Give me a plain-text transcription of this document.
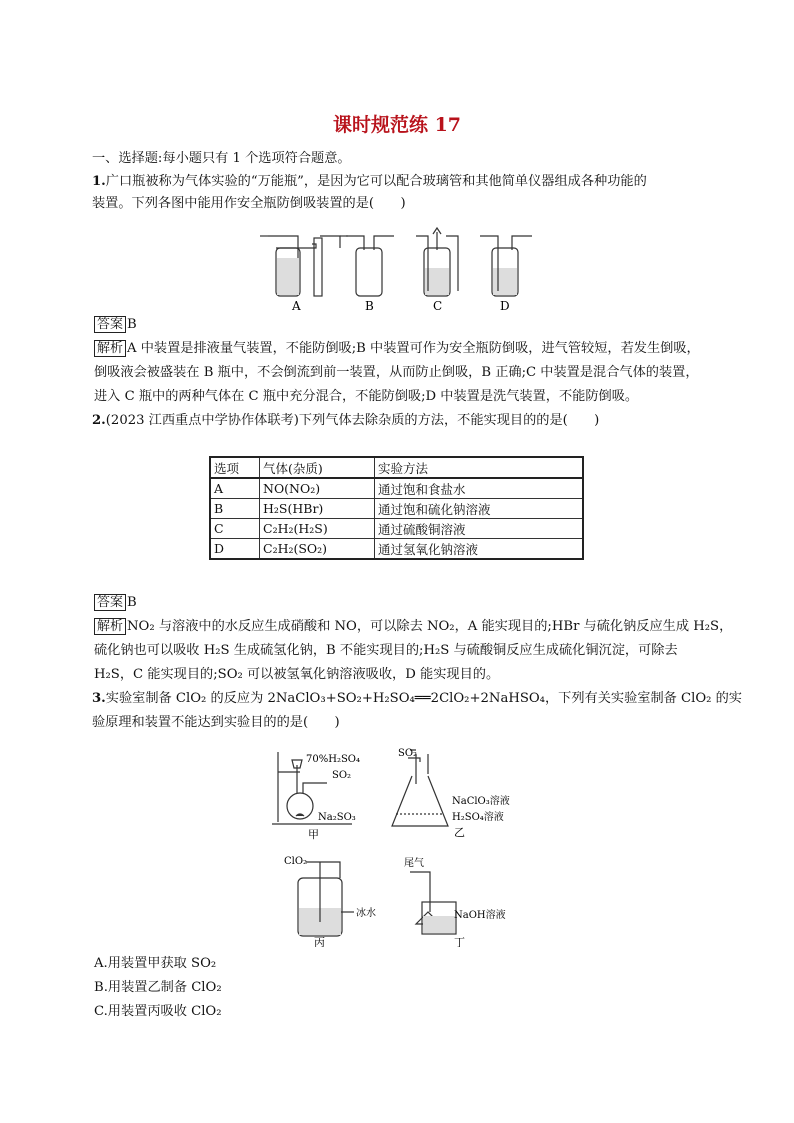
课时规范练 17
一、选择题:每小题只有 1 个选项符合题意。
1.广口瓶被称为气体实验的“万能瓶”，是因为它可以配合玻璃管和其他简单仪器组成各种功能的
装置。下列各图中能用作安全瓶防倒吸装置的是(　　)
A	B	C	D
答案 B
解析 A 中装置是排液量气装置，不能防倒吸;B 中装置可作为安全瓶防倒吸，进气管较短，若发生倒吸，
倒吸液会被盛装在 B 瓶中，不会倒流到前一装置，从而防止倒吸，B 正确;C 中装置是混合气体的装置，
进入 C 瓶中的两种气体在 C 瓶中充分混合，不能防倒吸;D 中装置是洗气装置，不能防倒吸。
2.(2023 江西重点中学协作体联考)下列气体去除杂质的方法，不能实现目的的是(　　)
选项	气体(杂质)	实验方法
A	NO(NO₂)	通过饱和食盐水
B	H₂S(HBr)	通过饱和硫化钠溶液
C	C₂H₂(H₂S)	通过硫酸铜溶液
D	C₂H₂(SO₂)	通过氢氧化钠溶液
答案 B
解析 NO₂ 与溶液中的水反应生成硝酸和 NO，可以除去 NO₂，A 能实现目的;HBr 与硫化钠反应生成 H₂S，
硫化钠也可以吸收 H₂S 生成硫氢化钠，B 不能实现目的;H₂S 与硫酸铜反应生成硫化铜沉淀，可除去
H₂S，C 能实现目的;SO₂ 可以被氢氧化钠溶液吸收，D 能实现目的。
3.实验室制备 ClO₂ 的反应为 2NaClO₃+SO₂+H₂SO₄══2ClO₂+2NaHSO₄，下列有关实验室制备 ClO₂ 的实
验原理和装置不能达到实验目的的是(　　)
70%H₂SO₄
SO₂
Na₂SO₃
甲
SO₂
NaClO₃溶液
H₂SO₄溶液
乙
ClO₂
冰水
丙
尾气
NaOH溶液
丁
A.用装置甲获取 SO₂
B.用装置乙制备 ClO₂
C.用装置丙吸收 ClO₂
